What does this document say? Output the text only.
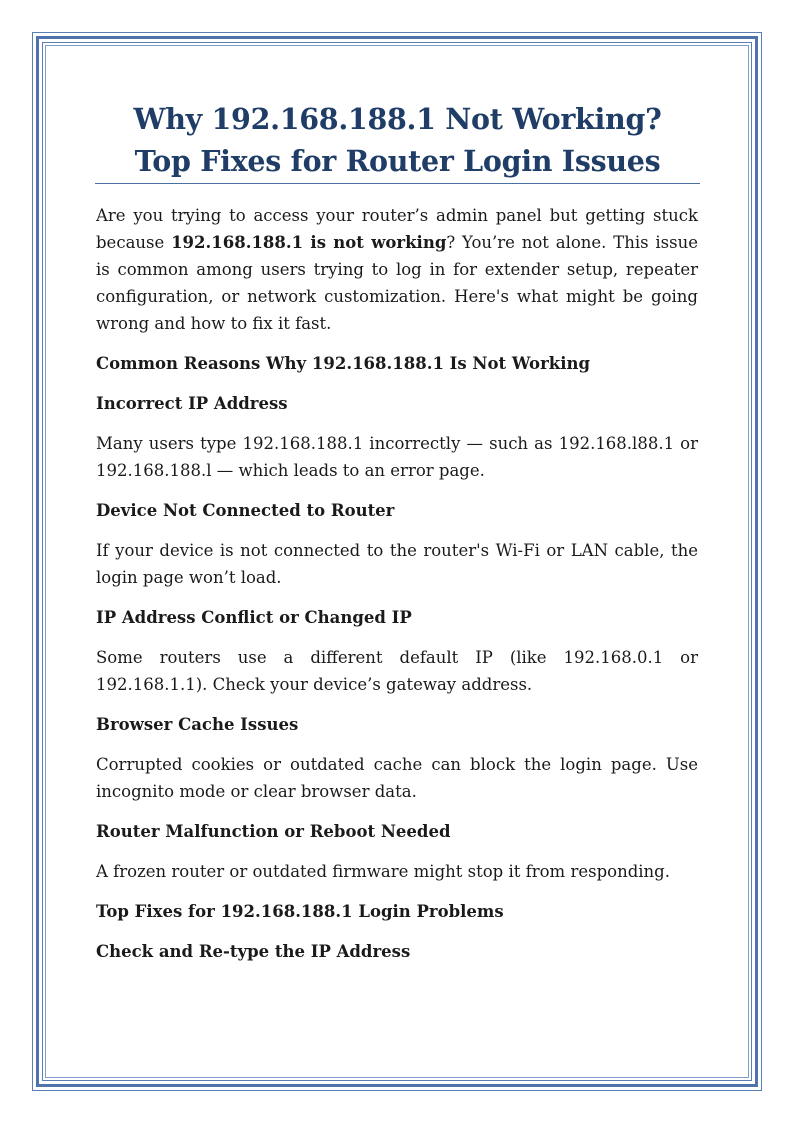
Why 192.168.188.1 Not Working?
Top Fixes for Router Login Issues

Are you trying to access your router’s admin panel but getting stuck because 192.168.188.1 is not working? You’re not alone. This issue is common among users trying to log in for extender setup, repeater configuration, or network customization. Here's what might be going wrong and how to fix it fast.

Common Reasons Why 192.168.188.1 Is Not Working

Incorrect IP Address

Many users type 192.168.188.1 incorrectly — such as 192.168.l88.1 or 192.168.188.l — which leads to an error page.

Device Not Connected to Router

If your device is not connected to the router's Wi-Fi or LAN cable, the login page won’t load.

IP Address Conflict or Changed IP

Some routers use a different default IP (like 192.168.0.1 or 192.168.1.1). Check your device’s gateway address.

Browser Cache Issues

Corrupted cookies or outdated cache can block the login page. Use incognito mode or clear browser data.

Router Malfunction or Reboot Needed

A frozen router or outdated firmware might stop it from responding.

Top Fixes for 192.168.188.1 Login Problems

Check and Re-type the IP Address
